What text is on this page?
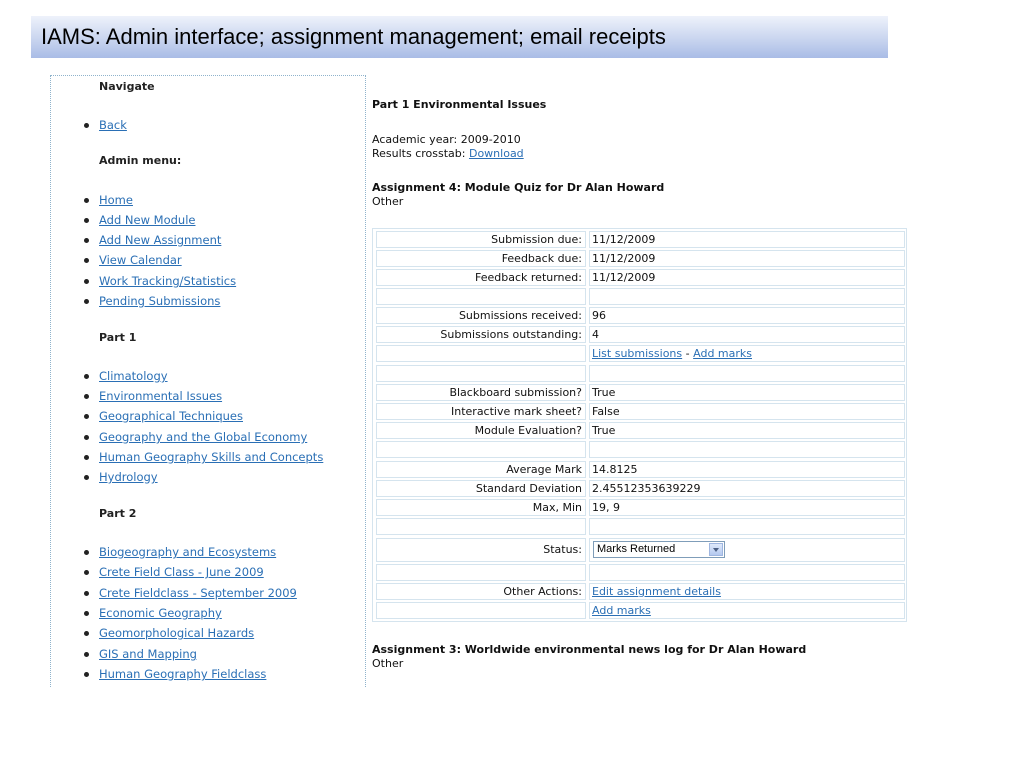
IAMS: Admin interface; assignment management; email receipts
Navigate
Back
Admin menu:
Home
Add New Module
Add New Assignment
View Calendar
Work Tracking/Statistics
Pending Submissions
Part 1
Climatology
Environmental Issues
Geographical Techniques
Geography and the Global Economy
Human Geography Skills and Concepts
Hydrology
Part 2
Biogeography and Ecosystems
Crete Field Class - June 2009
Crete Fieldclass - September 2009
Economic Geography
Geomorphological Hazards
GIS and Mapping
Human Geography Fieldclass
Part 1 Environmental Issues
Academic year: 2009-2010
Results crosstab: Download
Assignment 4: Module Quiz for Dr Alan Howard
Other
Submission due: 11/12/2009
Feedback due: 11/12/2009
Feedback returned: 11/12/2009
Submissions received: 96
Submissions outstanding: 4
List submissions - Add marks
Blackboard submission? True
Interactive mark sheet? False
Module Evaluation? True
Average Mark 14.8125
Standard Deviation 2.45512353639229
Max, Min 19, 9
Status:	Marks Returned
Other Actions: Edit assignment details
Add marks
Assignment 3: Worldwide environmental news log for Dr Alan Howard
Other
